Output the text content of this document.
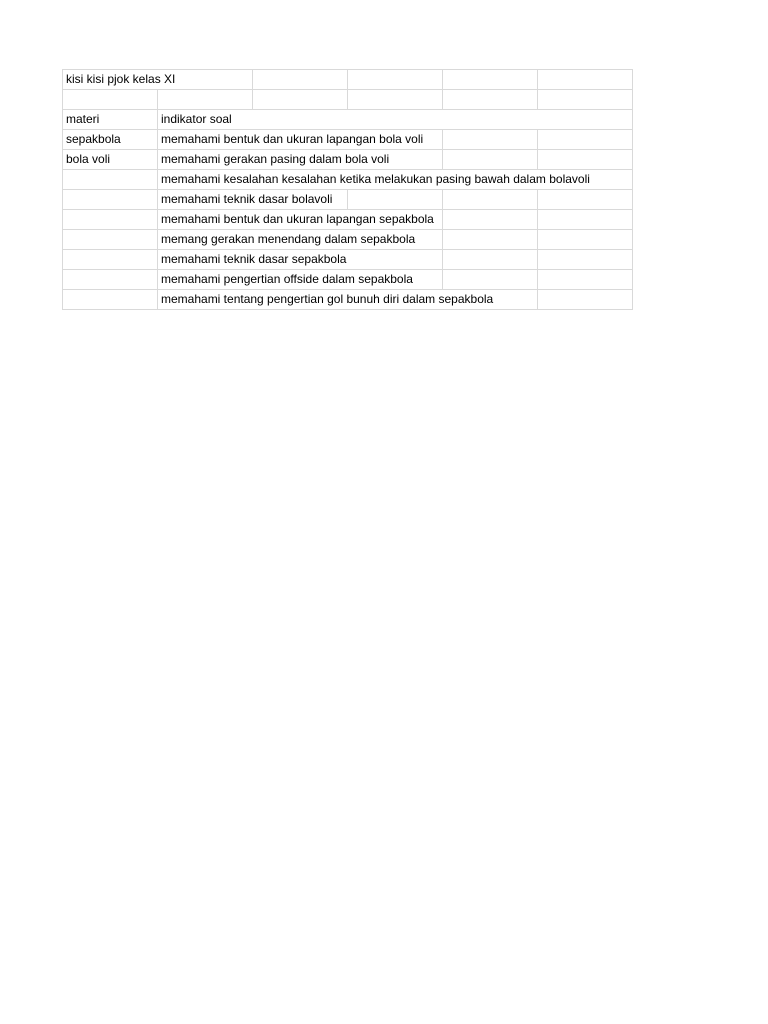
kisi kisi pjok kelas XI					

materi	indikator soal				
sepakbola	memahami bentuk dan ukuran lapangan bola voli				
bola voli	memahami gerakan pasing dalam bola voli				
	memahami kesalahan kesalahan ketika melakukan pasing bawah dalam bolavoli				
	memahami teknik dasar bolavoli				
	memahami bentuk dan ukuran lapangan sepakbola				
	memang gerakan menendang dalam sepakbola				
	memahami teknik dasar sepakbola				
	memahami pengertian offside dalam sepakbola				
	memahami tentang pengertian gol bunuh diri dalam sepakbola				
